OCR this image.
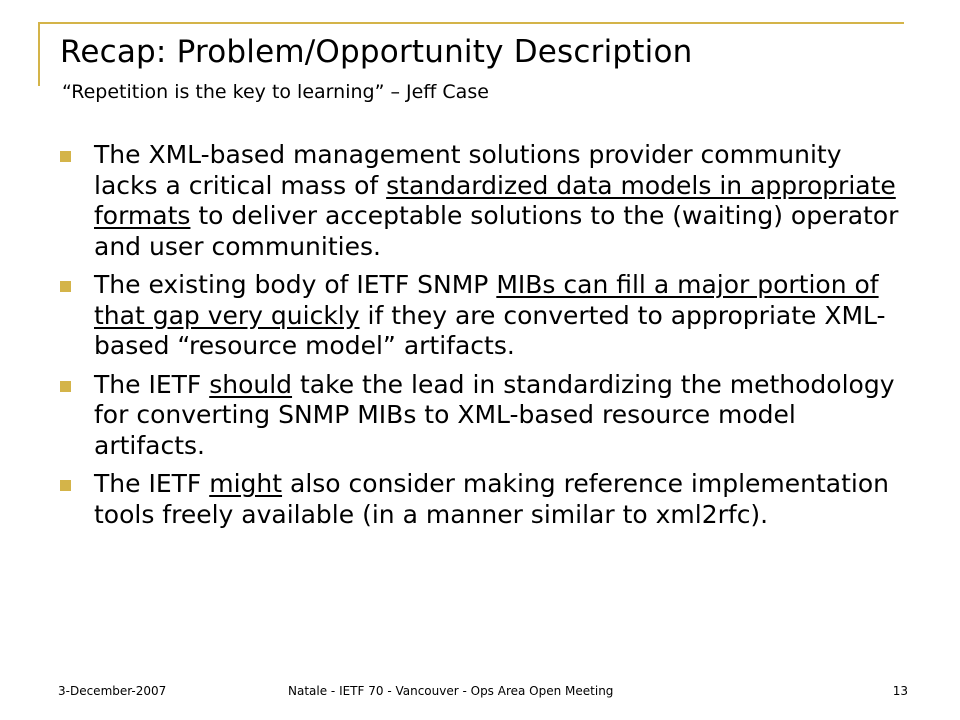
Recap: Problem/Opportunity Description
“Repetition is the key to learning” – Jeff Case
The XML-based management solutions provider community lacks a critical mass of standardized data models in appropriate formats to deliver acceptable solutions to the (waiting) operator and user communities.
The existing body of IETF SNMP MIBs can fill a major portion of that gap very quickly if they are converted to appropriate XML-based “resource model” artifacts.
The IETF should take the lead in standardizing the methodology for converting SNMP MIBs to XML-based resource model artifacts.
The IETF might also consider making reference implementation tools freely available (in a manner similar to xml2rfc).
3-December-2007	Natale - IETF 70 - Vancouver - Ops Area Open Meeting	13
